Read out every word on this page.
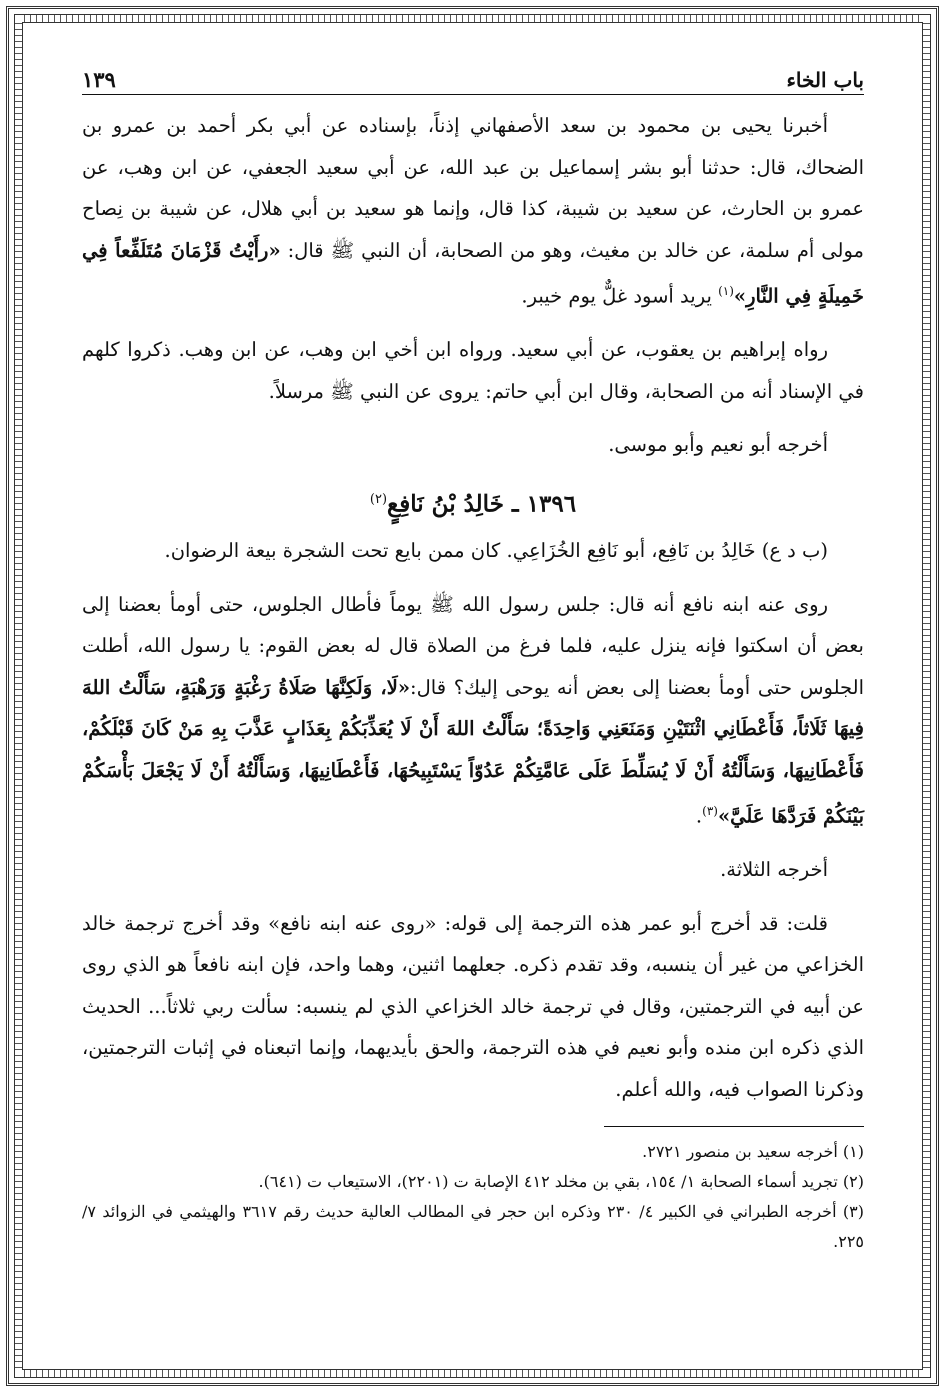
باب الخاء
١٣٩

أخبرنا يحيى بن محمود بن سعد الأصفهاني إذناً، بإسناده عن أبي بكر أحمد بن عمرو بن الضحاك، قال: حدثنا أبو بشر إسماعيل بن عبد الله، عن أبي سعيد الجعفي، عن ابن وهب، عن عمرو بن الحارث، عن سعيد بن شيبة، كذا قال، وإنما هو سعيد بن أبي هلال، عن شيبة بن نِصاح مولى أم سلمة، عن خالد بن مغيث، وهو من الصحابة، أن النبي ﷺ قال: «رأَيْتُ قَزْمَانَ مُتَلَفِّعاً فِي خَمِيلَةٍ فِي النَّارِ»$^{(١)}$ يريد أسود غلٌّ يوم خيبر.

رواه إبراهيم بن يعقوب، عن أبي سعيد. ورواه ابن أخي ابن وهب، عن ابن وهب. ذكروا كلهم في الإسناد أنه من الصحابة، وقال ابن أبي حاتم: يروى عن النبي ﷺ مرسلاً.

أخرجه أبو نعيم وأبو موسى.

١٣٩٦ ـ خَالِدُ بْنُ نَافِعٍ$^{(٢)}$

(ب د ع) خَالِدُ بن نَافِع، أبو نَافِع الخُزَاعِي. كان ممن بايع تحت الشجرة بيعة الرضوان.

روى عنه ابنه نافع أنه قال: جلس رسول الله ﷺ يوماً فأطال الجلوس، حتى أومأ بعضنا إلى بعض أن اسكتوا فإنه ينزل عليه، فلما فرغ من الصلاة قال له بعض القوم: يا رسول الله، أطلت الجلوس حتى أومأ بعضنا إلى بعض أنه يوحى إليك؟ قال:«لَا، وَلَكِنَّهَا صَلَاةُ رَغْبَةٍ وَرَهْبَةٍ، سَأَلْتُ اللهَ فِيهَا ثَلَاثاً، فَأَعْطَانِي اثْنَتَيْنِ وَمَنَعَنِي وَاحِدَةً؛ سَأَلْتُ اللهَ أَنْ لَا يُعَذِّبَكُمْ بِعَذَابٍ عَذَّبَ بِهِ مَنْ كَانَ قَبْلَكُمْ، فَأَعْطَانِيهَا، وَسَأَلْتُهُ أَنْ لَا يُسَلِّطَ عَلَى عَامَّتِكُمْ عَدُوّاً يَسْتَبِيحُهَا، فَأَعْطَانِيهَا، وَسَأَلْتُهُ أَنْ لَا يَجْعَلَ بَأْسَكُمْ بَيْنَكُمْ فَرَدَّهَا عَلَيَّ»$^{(٣)}$.

أخرجه الثلاثة.

قلت: قد أخرج أبو عمر هذه الترجمة إلى قوله: «روى عنه ابنه نافع» وقد أخرج ترجمة خالد الخزاعي من غير أن ينسبه، وقد تقدم ذكره. جعلهما اثنين، وهما واحد، فإن ابنه نافعاً هو الذي روى عن أبيه في الترجمتين، وقال في ترجمة خالد الخزاعي الذي لم ينسبه: سألت ربي ثلاثاً... الحديث الذي ذكره ابن منده وأبو نعيم في هذه الترجمة، والحق بأيديهما، وإنما اتبعناه في إثبات الترجمتين، وذكرنا الصواب فيه، والله أعلم.

(١) أخرجه سعيد بن منصور ٢٧٢١.

(٢) تجريد أسماء الصحابة ١/ ١٥٤، بقي بن مخلد ٤١٢ الإصابة ت (٢٢٠١)، الاستيعاب ت (٦٤١).

(٣) أخرجه الطبراني في الكبير ٤/ ٢٣٠ وذكره ابن حجر في المطالب العالية حديث رقم ٣٦١٧ والهيثمي في الزوائد ٧/ ٢٢٥.
